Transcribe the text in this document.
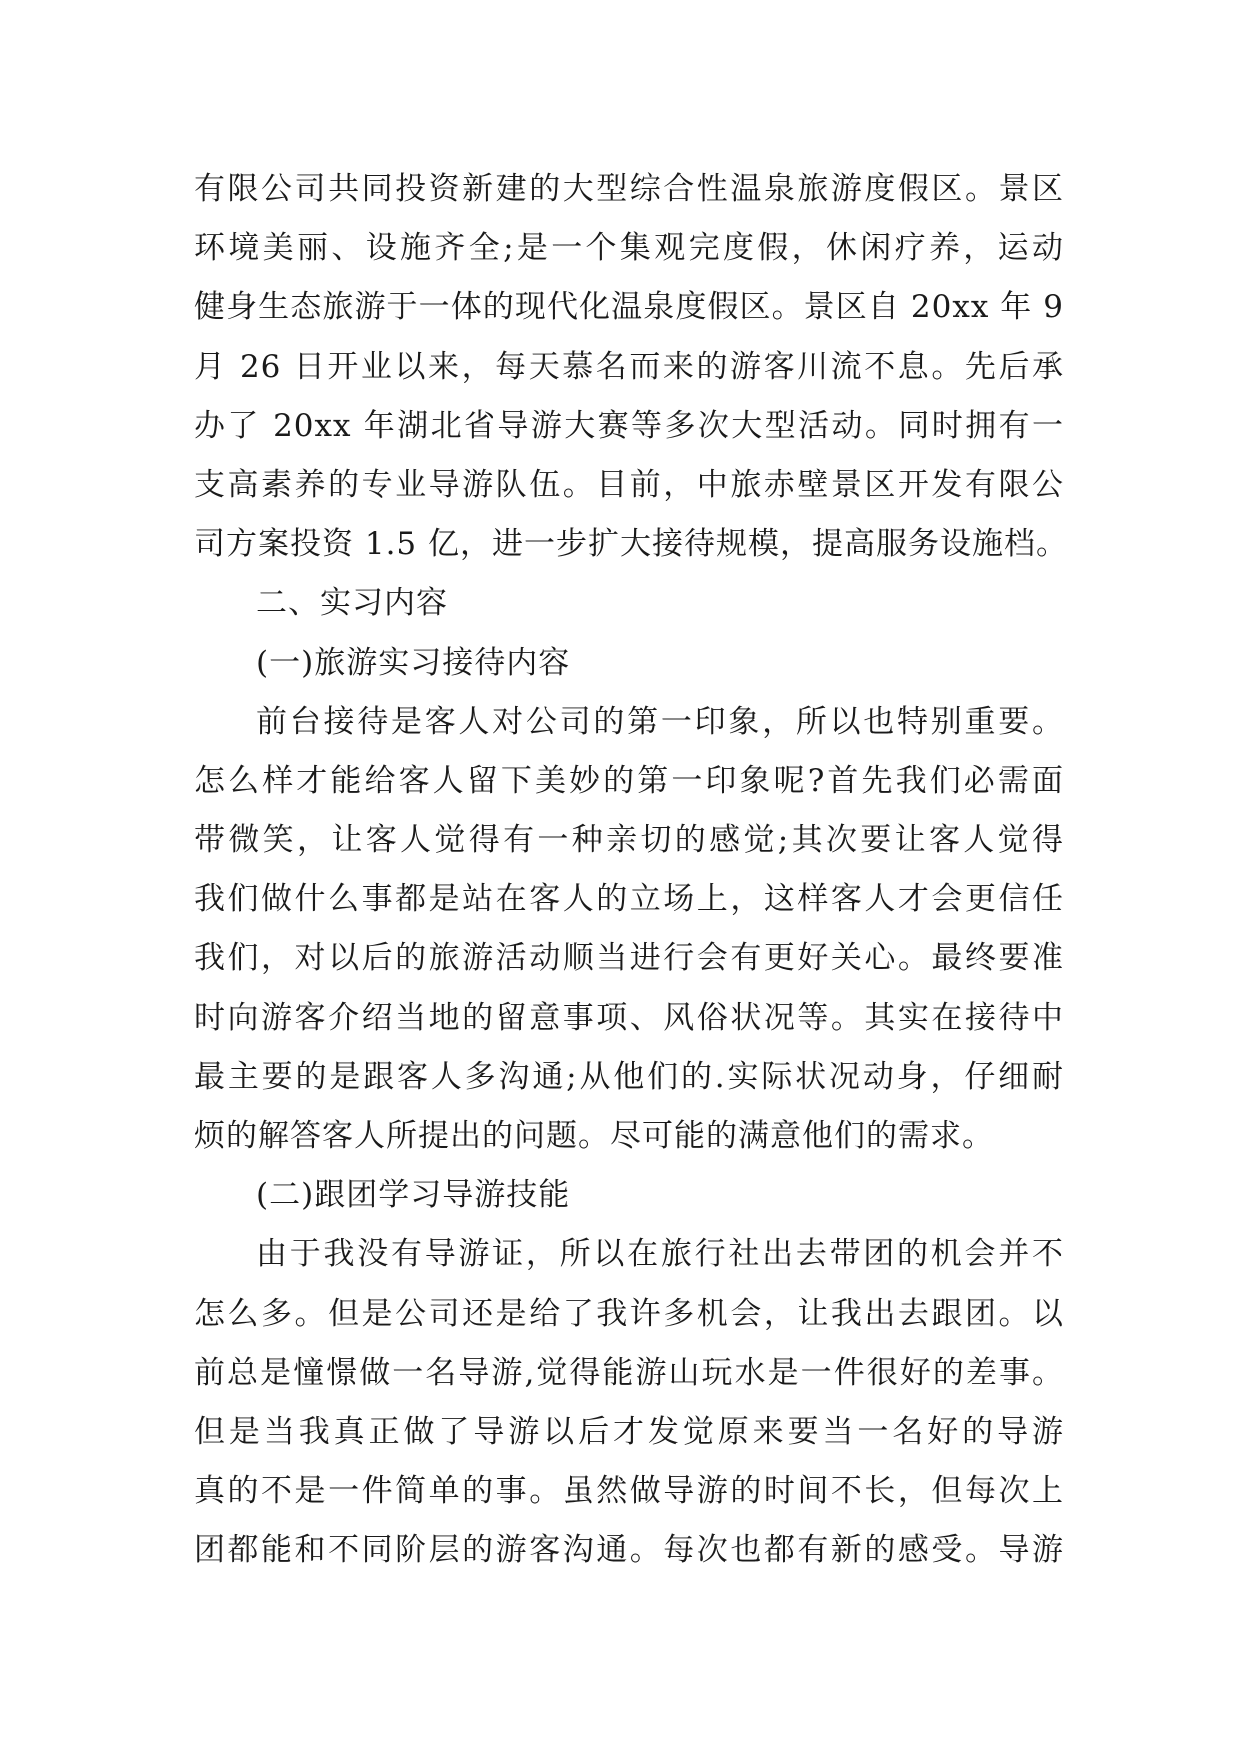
有限公司共同投资新建的大型综合性温泉旅游度假区。景区
环境美丽、设施齐全;是一个集观完度假，休闲疗养，运动
健身生态旅游于一体的现代化温泉度假区。景区自 20xx 年 9
月 26 日开业以来，每天慕名而来的游客川流不息。先后承
办了 20xx 年湖北省导游大赛等多次大型活动。同时拥有一
支高素养的专业导游队伍。目前，中旅赤壁景区开发有限公
司方案投资 1.5 亿，进一步扩大接待规模，提高服务设施档。
二、实习内容
(一)旅游实习接待内容
前台接待是客人对公司的第一印象，所以也特别重要。
怎么样才能给客人留下美妙的第一印象呢?首先我们必需面
带微笑，让客人觉得有一种亲切的感觉;其次要让客人觉得
我们做什么事都是站在客人的立场上，这样客人才会更信任
我们，对以后的旅游活动顺当进行会有更好关心。最终要准
时向游客介绍当地的留意事项、风俗状况等。其实在接待中
最主要的是跟客人多沟通;从他们的.实际状况动身，仔细耐
烦的解答客人所提出的问题。尽可能的满意他们的需求。
(二)跟团学习导游技能
由于我没有导游证，所以在旅行社出去带团的机会并不
怎么多。但是公司还是给了我许多机会，让我出去跟团。以
前总是憧憬做一名导游,觉得能游山玩水是一件很好的差事。
但是当我真正做了导游以后才发觉原来要当一名好的导游
真的不是一件简单的事。虽然做导游的时间不长，但每次上
团都能和不同阶层的游客沟通。每次也都有新的感受。导游
